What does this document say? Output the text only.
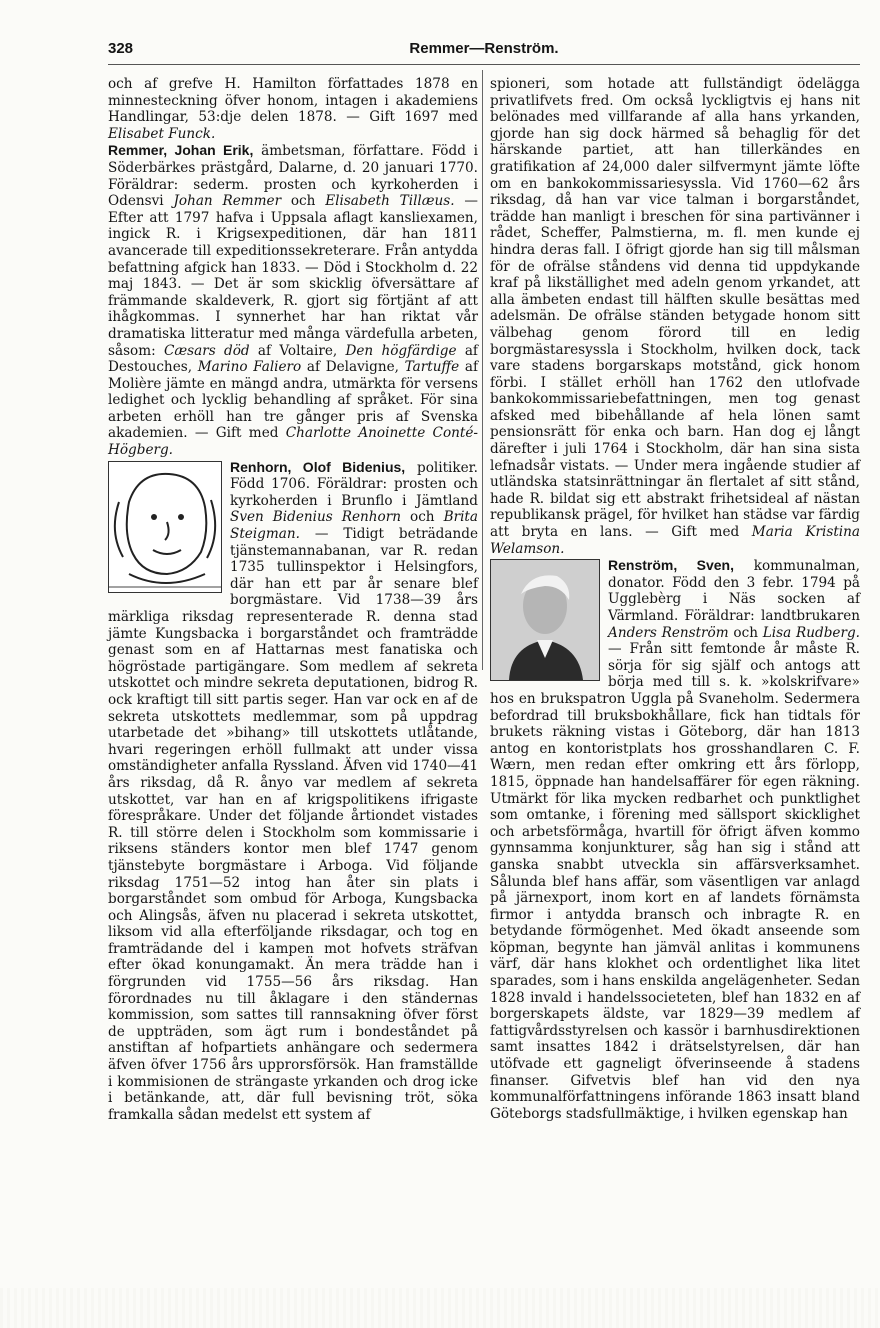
328	Remmer—Renström.

och af grefve H. Hamilton författades 1878 en minnesteckning öfver honom, intagen i akademiens Handlingar, 53:dje delen 1878. — Gift 1697 med Elisabet Funck.

Remmer, Johan Erik, ämbetsman, författare. Född i Söderbärkes prästgård, Dalarne, d. 20 januari 1770. Föräldrar: sederm. prosten och kyrkoherden i Odensvi Johan Remmer och Elisabeth Tillæus. — Efter att 1797 hafva i Uppsala aflagt kansliexamen, ingick R. i Krigsexpeditionen, där han 1811 avancerade till expeditionssekreterare. Från antydda befattning afgick han 1833. — Död i Stockholm d. 22 maj 1843. — Det är som skicklig öfversättare af främmande skaldeverk, R. gjort sig förtjänt af att ihågkommas. I synnerhet har han riktat vår dramatiska litteratur med många värdefulla arbeten, såsom: Cæsars död af Voltaire, Den högfärdige af Destouches, Marino Faliero af Delavigne, Tartuffe af Molière jämte en mängd andra, utmärkta för versens ledighet och lycklig behandling af språket. För sina arbeten erhöll han tre gånger pris af Svenska akademien. — Gift med Charlotte Anoinette Conté-Högberg.

Renhorn, Olof Bidenius,
politiker. Född 1706. Föräldrar: prosten och kyrkoherden i Brunflo i Jämtland Sven Bidenius Renhorn och Brita Steigman. — Tidigt beträdande tjänstemannabanan, var R. redan 1735 tullinspektor i Helsingfors, där han ett par år senare blef borgmästare. Vid 1738—39 års märkliga riksdag representerade R. denna stad jämte Kungsbacka i borgarståndet och framträdde genast som en af Hattarnas mest fanatiska och högröstade partigängare. Som medlem af sekreta utskottet och mindre sekreta deputationen, bidrog R. ock kraftigt till sitt partis seger. Han var ock en af de sekreta utskottets medlemmar, som på uppdrag utarbetade det »bihang» till utskottets utlåtande, hvari regeringen erhöll fullmakt att under vissa omständigheter anfalla Ryssland. Äfven vid 1740—41 års riksdag, då R. ånyo var medlem af sekreta utskottet, var han en af krigspolitikens ifrigaste förespråkare. Under det följande årtiondet vistades R. till större delen i Stockholm som kommissarie i riksens ständers kontor men blef 1747 genom tjänstebyte borgmästare i Arboga. Vid följande riksdag 1751—52 intog han åter sin plats i borgarståndet som ombud för Arboga, Kungsbacka och Alingsås, äfven nu placerad i sekreta utskottet, liksom vid alla efterföljande riksdagar, och tog en framträdande del i kampen mot hofvets sträfvan efter ökad konungamakt. Än mera trädde han i förgrunden vid 1755—56 års riksdag. Han förordnades nu till åklagare i den ständernas kommission, som sattes till rannsakning öfver först de uppträden, som ägt rum i bondeståndet på anstiftan af hofpartiets anhängare och sedermera äfven öfver 1756 års upprorsförsök. Han framställde i kommisionen de strängaste yrkanden och drog icke i betänkande, att, där full bevisning tröt, söka framkalla sådan medelst ett system af

spioneri, som hotade att fullständigt ödelägga privatlifvets fred. Om också lyckligtvis ej hans nit belönades med villfarande af alla hans yrkanden, gjorde han sig dock härmed så behaglig för det härskande partiet, att han tillerkändes en gratifikation af 24,000 daler silfvermynt jämte löfte om en bankokommissariesyssla. Vid 1760—62 års riksdag, då han var vice talman i borgarståndet, trädde han manligt i breschen för sina partivänner i rådet, Scheffer, Palmstierna, m. fl. men kunde ej hindra deras fall. I öfrigt gjorde han sig till målsman för de ofrälse ståndens vid denna tid uppdykande kraf på likställighet med adeln genom yrkandet, att alla ämbeten endast till hälften skulle besättas med adelsmän. De ofrälse ständen betygade honom sitt välbehag genom förord till en ledig borgmästaresyssla i Stockholm, hvilken dock, tack vare stadens borgarskaps motstånd, gick honom förbi. I stället erhöll han 1762 den utlofvade bankokommissariebefattningen, men tog genast afsked med bibehållande af hela lönen samt pensionsrätt för enka och barn. Han dog ej långt därefter i juli 1764 i Stockholm, där han sina sista lefnadsår vistats. — Under mera ingående studier af utländska statsinrättningar än flertalet af sitt stånd, hade R. bildat sig ett abstrakt frihetsideal af nästan republikansk prägel, för hvilket han städse var färdig att bryta en lans. — Gift med Maria Kristina Welamson.

Renström, Sven,
kommunalman, donator. Född den 3 febr. 1794 på Ugglebèrg i Näs socken af Värmland. Föräldrar: landtbrukaren Anders Renström och Lisa Rudberg. — Från sitt femtonde år måste R. sörja för sig själf och antogs att börja med till s. k. »kolskrifvare» hos en brukspatron Uggla på Svaneholm. Sedermera befordrad till bruksbokhållare, fick han tidtals för brukets räkning vistas i Göteborg, där han 1813 antog en kontoristplats hos grosshandlaren C. F. Wærn, men redan efter omkring ett års förlopp, 1815, öppnade han handelsaffärer för egen räkning. Utmärkt för lika mycken redbarhet och punktlighet som omtanke, i förening med sällsport skicklighet och arbetsförmåga, hvartill för öfrigt äfven kommo gynnsamma konjunkturer, såg han sig i stånd att ganska snabbt utveckla sin affärsverksamhet. Sålunda blef hans affär, som väsentligen var anlagd på järnexport, inom kort en af landets förnämsta firmor i antydda bransch och inbragte R. en betydande förmögenhet. Med ökadt anseende som köpman, begynte han jämväl anlitas i kommunens värf, där hans klokhet och ordentlighet lika litet sparades, som i hans enskilda angelägenheter. Sedan 1828 invald i handelssocieteten, blef han 1832 en af borgerskapets äldste, var 1829—39 medlem af fattigvårdsstyrelsen och kassör i barnhusdirektionen samt insattes 1842 i drätselstyrelsen, där han utöfvade ett gagneligt öfverinseende å stadens finanser. Gifvetvis blef han vid den nya kommunalförfattningens införande 1863 insatt bland Göteborgs stadsfullmäktige, i hvilken egenskap han
